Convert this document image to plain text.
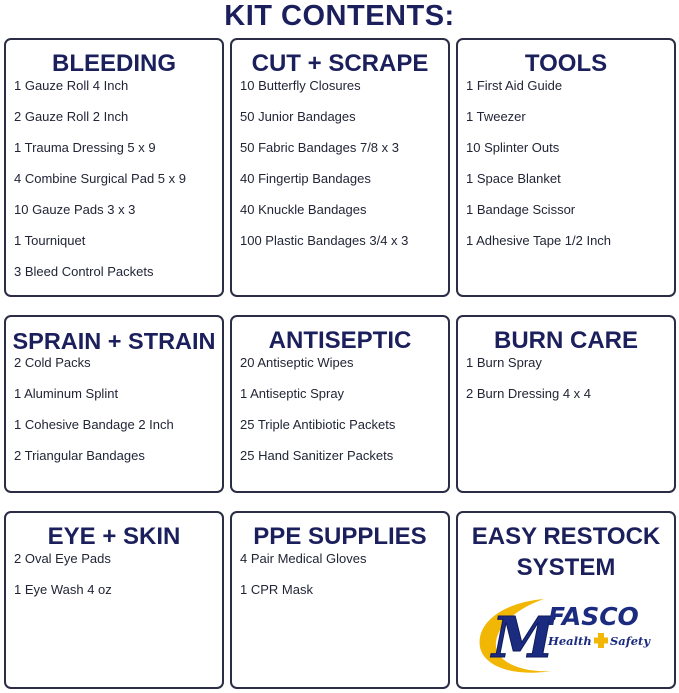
KIT CONTENTS:
BLEEDING
1 Gauze Roll 4 Inch
2 Gauze Roll 2 Inch
1 Trauma Dressing 5 x 9
4 Combine Surgical Pad 5 x 9
10 Gauze Pads 3 x 3
1 Tourniquet
3 Bleed Control Packets
CUT + SCRAPE
10 Butterfly Closures
50 Junior Bandages
50 Fabric Bandages 7/8 x 3
40 Fingertip Bandages
40 Knuckle Bandages
100 Plastic Bandages 3/4 x 3
TOOLS
1 First Aid Guide
1 Tweezer
10 Splinter Outs
1 Space Blanket
1 Bandage Scissor
1 Adhesive Tape 1/2 Inch
SPRAIN + STRAIN
2 Cold Packs
1 Aluminum Splint
1 Cohesive Bandage 2 Inch
2 Triangular Bandages
ANTISEPTIC
20 Antiseptic Wipes
1 Antiseptic Spray
25 Triple Antibiotic Packets
25 Hand Sanitizer Packets
BURN CARE
1 Burn Spray
2 Burn Dressing 4 x 4
EYE + SKIN
2 Oval Eye Pads
1 Eye Wash 4 oz
PPE SUPPLIES
4 Pair Medical Gloves
1 CPR Mask
EASY RESTOCK
SYSTEM
M
FASCO
Health Safety
